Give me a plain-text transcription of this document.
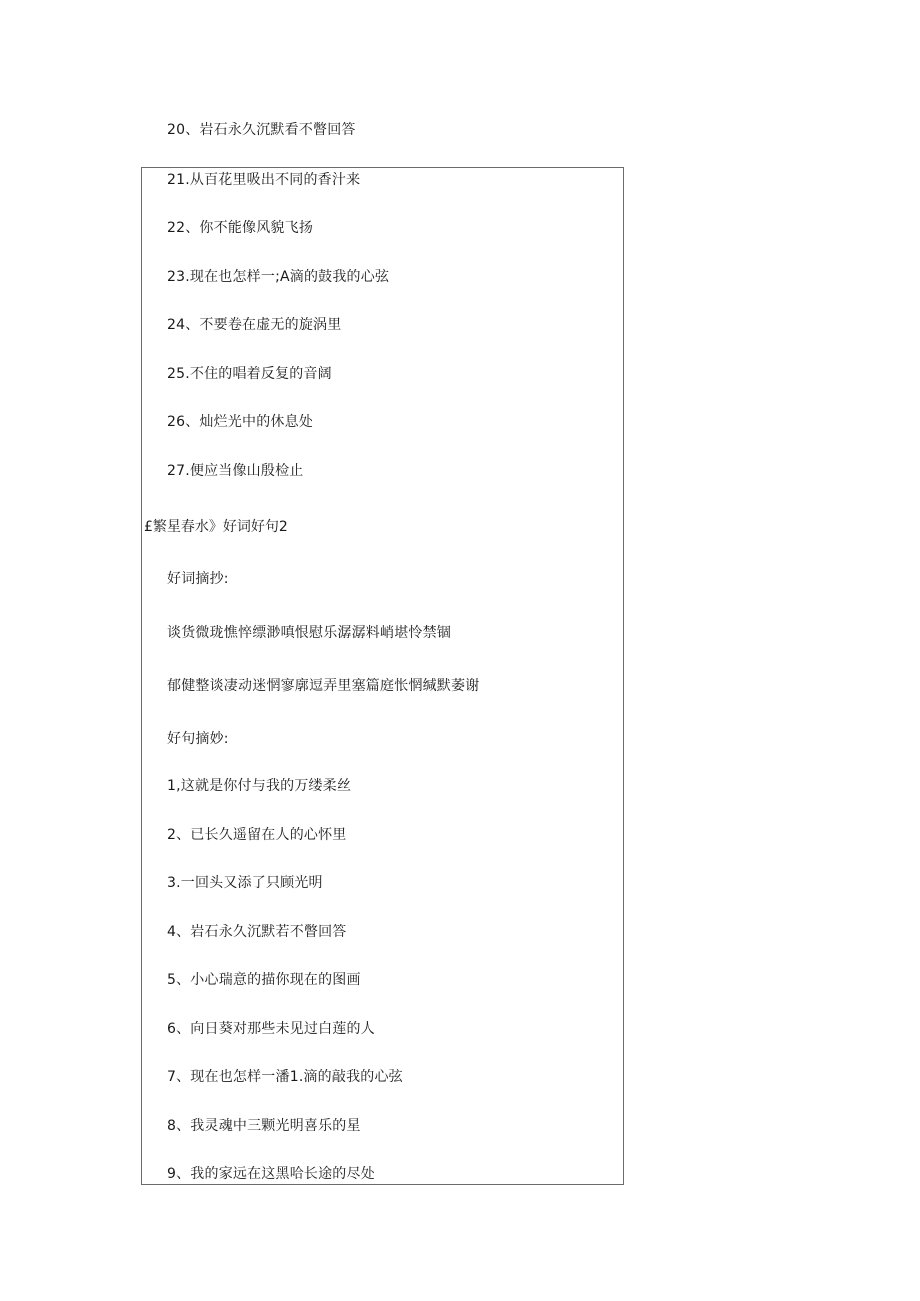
20、岩石永久沉默看不瞥回答
21.从百花里吸出不同的香汁来
22、你不能像风貌飞扬
23.现在也怎样一;A滴的鼓我的心弦
24、不要卷在虚无的旋涡里
25.不住的唱着反复的音阔
26、灿烂光中的休息处
27.便应当像山殷检止
£繁星春水》好词好句2
好词摘抄:
谈货微珑憔悴缥渺嗔恨慰乐潺潺料峭堪怜禁锢
郁健整谈凄动迷惘寥廓逗弄里塞篇庭怅惘缄默萎谢
好句摘妙:
1,这就是你付与我的万缕柔丝
2、已长久遥留在人的心怀里
3.一回头又添了只顾光明
4、岩石永久沉默若不瞥回答
5、小心瑞意的描你现在的图画
6、向日葵对那些未见过白莲的人
7、现在也怎样一潘1.滴的敲我的心弦
8、我灵魂中三颗光明喜乐的星
9、我的家远在这黑哈长途的尽处
